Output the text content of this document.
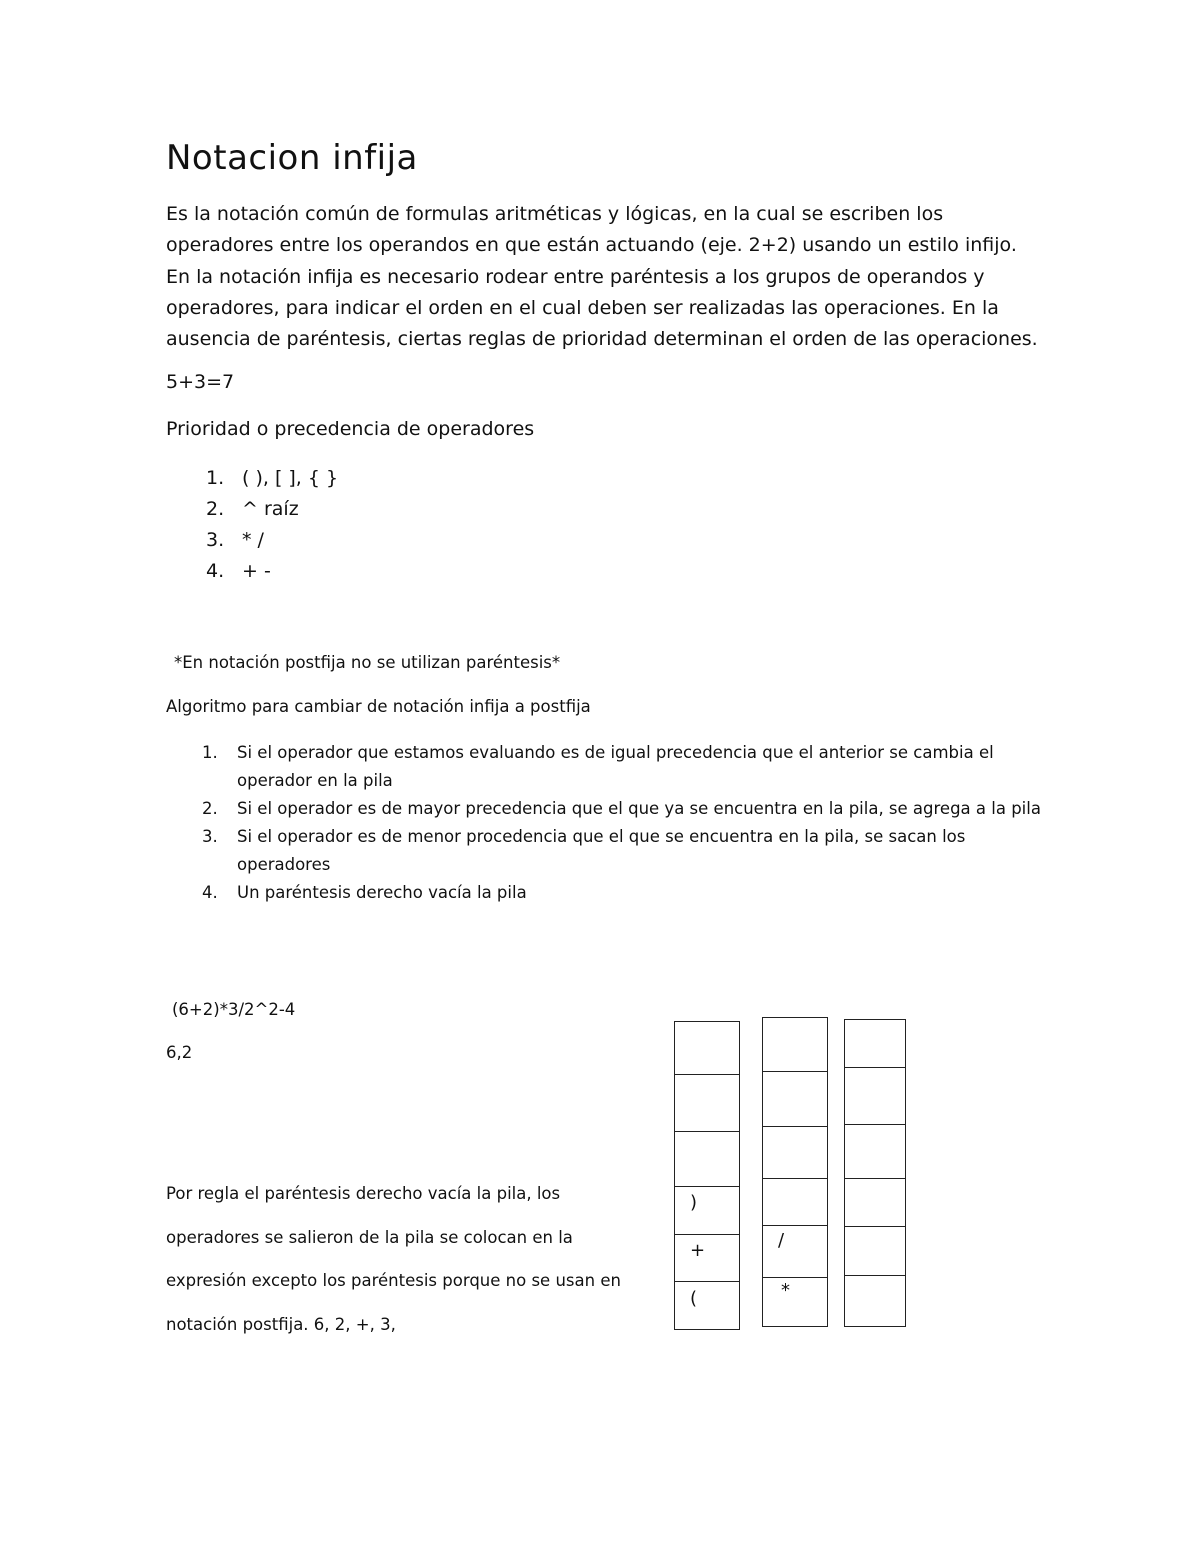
Notacion infija

Es la notación común de formulas aritméticas y lógicas, en la cual se escriben los operadores entre los operandos en que están actuando (eje. 2+2) usando un estilo infijo. En la notación infija es necesario rodear entre paréntesis a los grupos de operandos y operadores, para indicar el orden en el cual deben ser realizadas las operaciones. En la ausencia de paréntesis, ciertas reglas de prioridad determinan el orden de las operaciones.

5+3=7

Prioridad o precedencia de operadores

1. ( ), [ ], { }
2. ^ raíz
3. * /
4. + -

*En notación postfija no se utilizan paréntesis*

Algoritmo para cambiar de notación infija a postfija

1. Si el operador que estamos evaluando es de igual precedencia que el anterior se cambia el operador en la pila
2. Si el operador es de mayor precedencia que el que ya se encuentra en la pila, se agrega a la pila
3. Si el operador es de menor procedencia que el que se encuentra en la pila, se sacan los operadores
4. Un paréntesis derecho vacía la pila

(6+2)*3/2^2-4

6,2

Por regla el paréntesis derecho vacía la pila, los operadores se salieron de la pila se colocan en la expresión excepto los paréntesis porque no se usan en notación postfija. 6, 2, +, 3,

)
+
(
/
*
